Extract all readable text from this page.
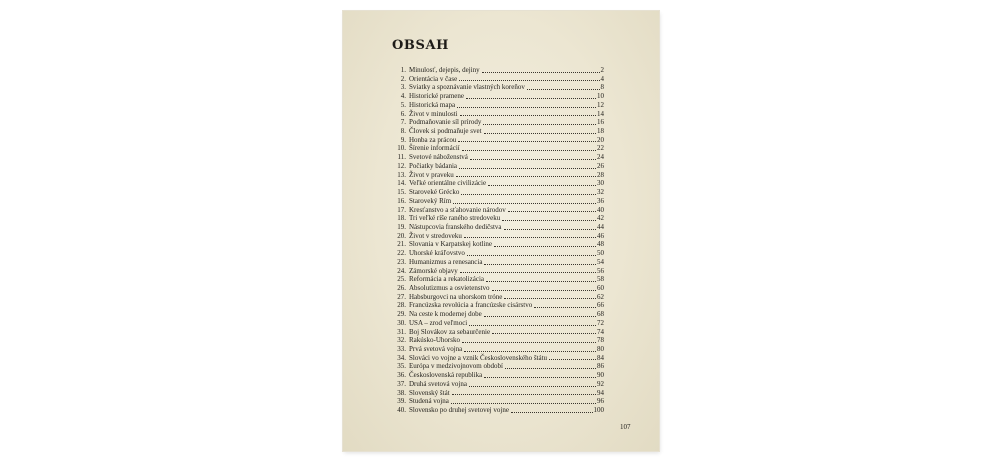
OBSAH
1. Minulosť, dejepis, dejiny	2
2. Orientácia v čase	4
3. Sviatky a spoznávanie vlastných koreňov	8
4. Historické pramene	10
5. Historická mapa	12
6. Život v minulosti	14
7. Podmaňovanie síl prírody	16
8. Človek si podmaňuje svet	18
9. Honba za prácou	20
10. Šírenie informácií	22
11. Svetové náboženstvá	24
12. Počiatky bádania	26
13. Život v praveku	28
14. Veľké orientálne civilizácie	30
15. Staroveké Grécko	32
16. Staroveký Rím	36
17. Kresťanstvo a sťahovanie národov	40
18. Tri veľké ríše raného stredoveku	42
19. Nástupcovia franského dedičstva	44
20. Život v stredoveku	46
21. Slovania v Karpatskej kotline	48
22. Uhorské kráľovstvo	50
23. Humanizmus a renesancia	54
24. Zámorské objavy	56
25. Reformácia a rekatolizácia	58
26. Absolutizmus a osvietenstvo	60
27. Habsburgovci na uhorskom tróne	62
28. Francúzska revolúcia a francúzske cisárstvo	66
29. Na ceste k modernej dobe	68
30. USA – zrod veľmoci	72
31. Boj Slovákov za sebaurčenie	74
32. Rakúsko-Uhorsko	78
33. Prvá svetová vojna	80
34. Slováci vo vojne a vznik Československého štátu	84
35. Európa v medzivojnovom období	86
36. Československá republika	90
37. Druhá svetová vojna	92
38. Slovenský štát	94
39. Studená vojna	96
40. Slovensko po druhej svetovej vojne	100
107
